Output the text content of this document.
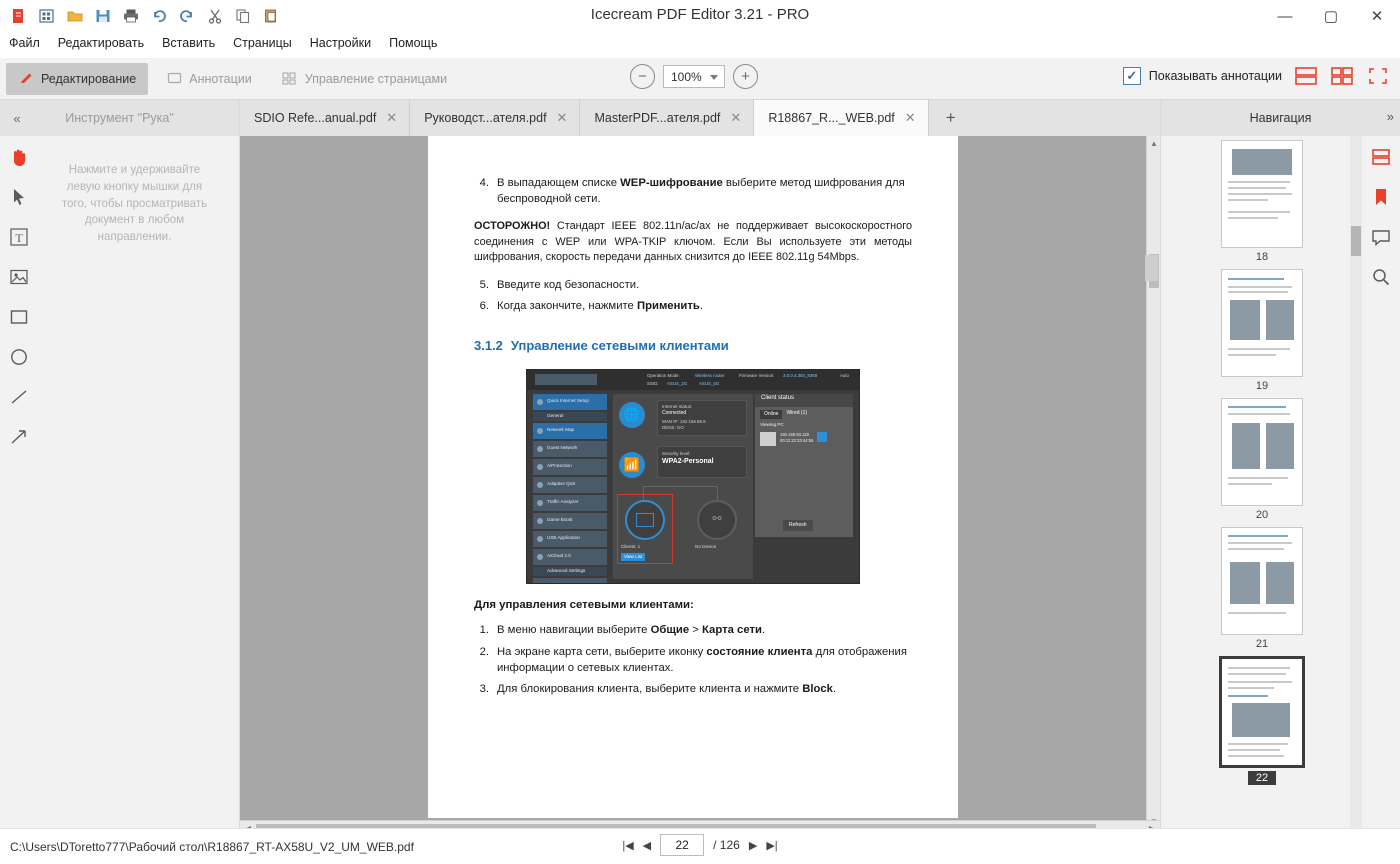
Icecream PDF Editor 3.21 - PRO	—	▢	✕
Файл	Редактировать	Вставить	Страницы	Настройки	Помощь
Редактирование	Аннотации	Управление страницами	−	100%	+	✓ Показывать аннотации
SDIO Refe...anual.pdf ✕ Руководст...ателя.pdf ✕ MasterPDF...ателя.pdf ✕ R18867_R..._WEB.pdf ✕	+
Инструмент "Рука"
«
Нажмите и удерживайте левую кнопку мышки для того, чтобы просматривать документ в любом направлении.
T
4. В выпадающем списке WEP-шифрование выберите метод шифрования для беспроводной сети.
ОСТОРОЖНО! Стандарт IEEE 802.11n/ac/ax не поддерживает высокоскоростного соединения с WEP или WPA-TKIP ключом. Если Вы используете эти методы шифрования, скорость передачи данных снизится до IEEE 802.11g 54Mbps.
5. Введите код безопасности.
6. Когда закончите, нажмите Применить.
3.1.2 Управление сетевыми клиентами
Operation Mode:	Wireless router	Firmware Version: 3.0.0.4.384_8368
SSID: ASUS_2G	ASUS_5G
Auto
Quick Internet Setup
General
Network Map
Guest Network
AiProtection
Adaptive QoS
Traffic Analyzer
Game Boost
USB Application
AiCloud 2.0
Advanced Settings
🌐
Internet status:
Connected
WAN IP: 192.168.88.9
DDNS: GO
📶
Security level:
WPA2-Personal
⚯
Clients: 1
View List
No Device
Client status
Online	Wired (1)
Viewing PC
192.168.50.119
00:11:22:33:44:55
Refresh
Для управления сетевыми клиентами:
1. В меню навигации выберите Общие > Карта сети.
2. На экране карта сети, выберите иконку состояние клиента для отображения информации о сетевых клиентах.
3. Для блокирования клиента, выберите клиента и нажмите Block.
▲
Навигация	»
18
19
20
21
22
C:\Users\DToretto777\Рабочий стол\R18867_RT-AX58U_V2_UM_WEB.pdf	|◀ ◀	22	/ 126 ▶ ▶|
